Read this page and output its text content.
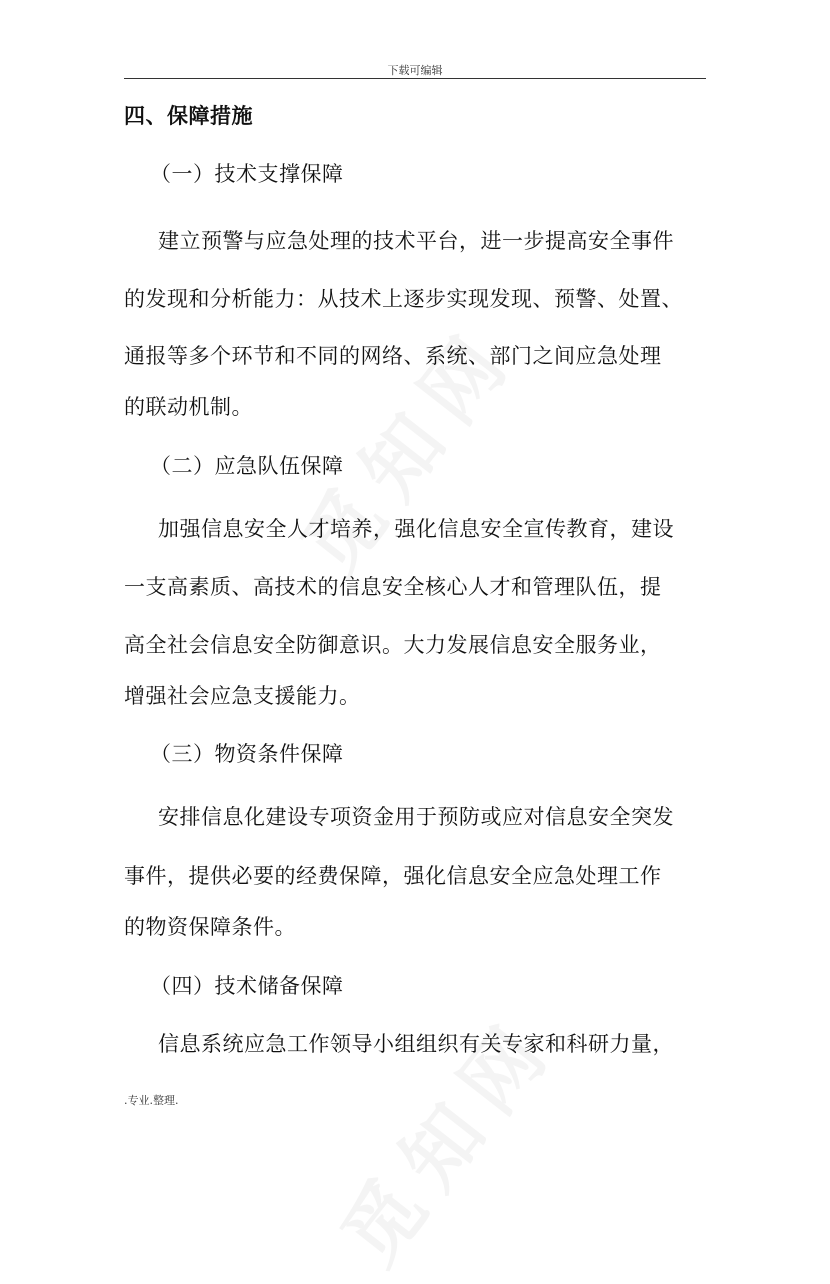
下载可编辑
四、保障措施
（一）技术支撑保障
建立预警与应急处理的技术平台，进一步提高安全事件
的发现和分析能力：从技术上逐步实现发现、预警、处置、
通报等多个环节和不同的网络、系统、部门之间应急处理
的联动机制。
（二）应急队伍保障
加强信息安全人才培养，强化信息安全宣传教育，建设
一支高素质、高技术的信息安全核心人才和管理队伍，提
高全社会信息安全防御意识。大力发展信息安全服务业，
增强社会应急支援能力。
（三）物资条件保障
安排信息化建设专项资金用于预防或应对信息安全突发
事件，提供必要的经费保障，强化信息安全应急处理工作
的物资保障条件。
（四）技术储备保障
信息系统应急工作领导小组组织有关专家和科研力量，
.专业.整理.
